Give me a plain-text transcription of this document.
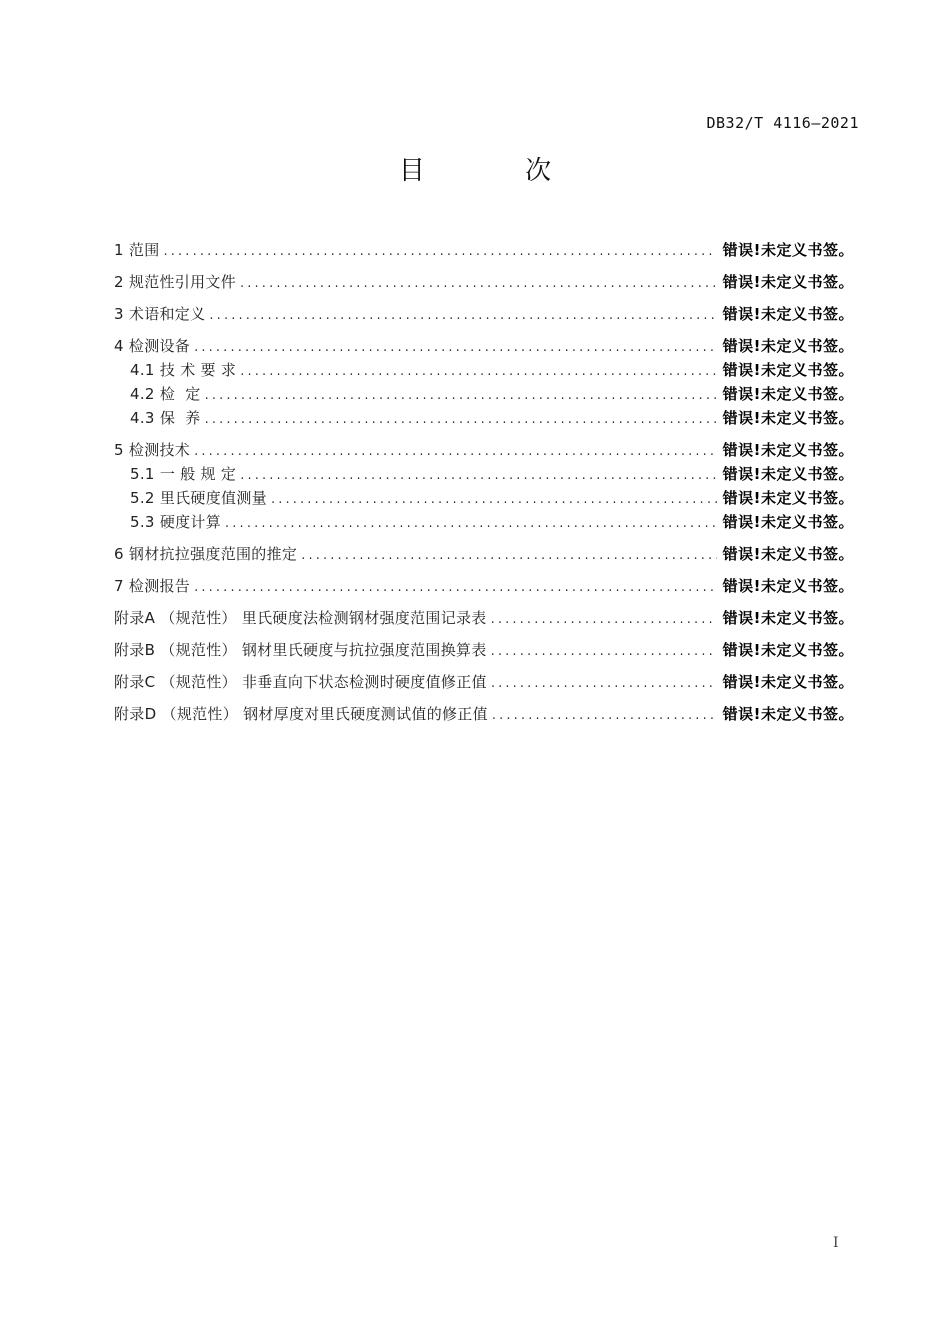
DB32/T 4116—2021
目 次
1 范围 . . .	错误!未定义书签。
2 规范性引用文件 . . .	错误!未定义书签。
3 术语和定义 . . .	错误!未定义书签。
4 检测设备 . . .	错误!未定义书签。
4.1 技 术 要 求 . . .	错误!未定义书签。
4.2 检  定 . . .	错误!未定义书签。
4.3 保  养 . . .	错误!未定义书签。
5 检测技术 . . .	错误!未定义书签。
5.1 一 般 规 定 . . .	错误!未定义书签。
5.2 里氏硬度值测量 . . .	错误!未定义书签。
5.3 硬度计算 . . .	错误!未定义书签。
6 钢材抗拉强度范围的推定 . . .	错误!未定义书签。
7 检测报告 . . .	错误!未定义书签。
附录A （规范性） 里氏硬度法检测钢材强度范围记录表 . . .	错误!未定义书签。
附录B （规范性） 钢材里氏硬度与抗拉强度范围换算表 . . .	错误!未定义书签。
附录C （规范性） 非垂直向下状态检测时硬度值修正值 . . .	错误!未定义书签。
附录D （规范性） 钢材厚度对里氏硬度测试值的修正值 . . .	错误!未定义书签。
I
